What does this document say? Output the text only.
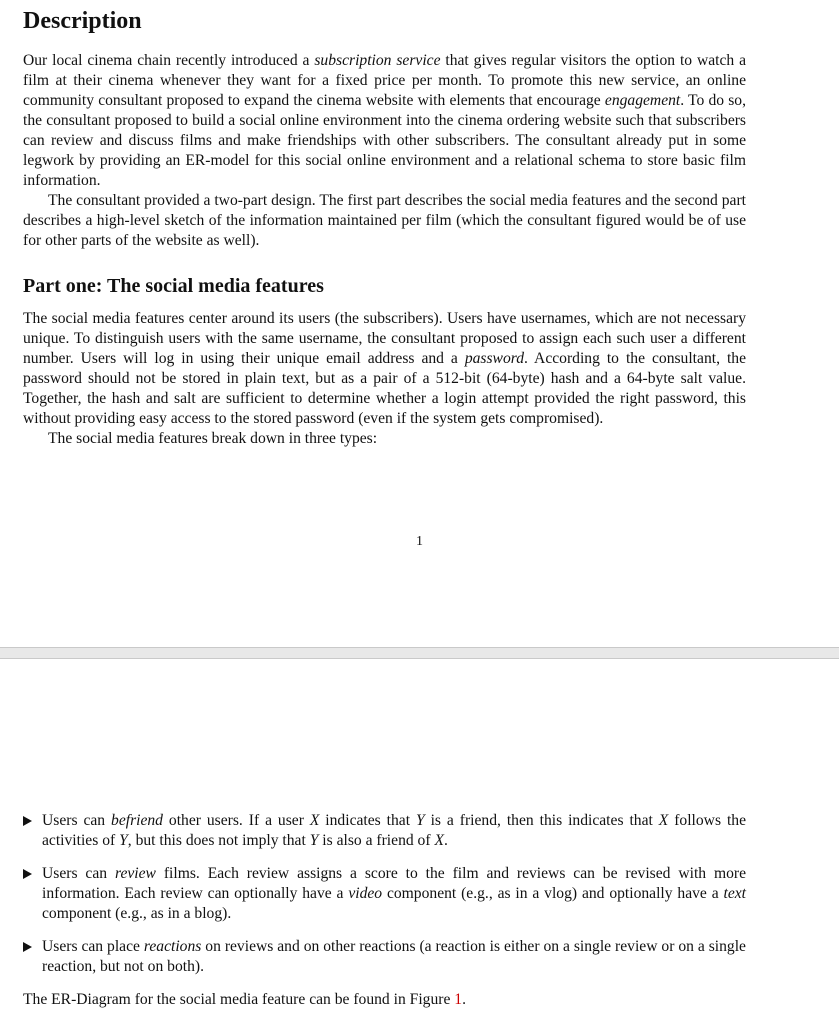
Description

Our local cinema chain recently introduced a subscription service that gives regular visitors the option to watch a film at their cinema whenever they want for a fixed price per month. To promote this new service, an online community consultant proposed to expand the cinema website with elements that encourage engagement. To do so, the consultant proposed to build a social online environment into the cinema ordering website such that subscribers can review and discuss films and make friendships with other subscribers. The consultant already put in some legwork by providing an ER-model for this social online environment and a relational schema to store basic film information.

The consultant provided a two-part design. The first part describes the social media features and the second part describes a high-level sketch of the information maintained per film (which the consultant figured would be of use for other parts of the website as well).

Part one: The social media features

The social media features center around its users (the subscribers). Users have usernames, which are not necessary unique. To distinguish users with the same username, the consultant proposed to assign each such user a different number. Users will log in using their unique email address and a password. According to the consultant, the password should not be stored in plain text, but as a pair of a 512-bit (64-byte) hash and a 64-byte salt value. Together, the hash and salt are sufficient to determine whether a login attempt provided the right password, this without providing easy access to the stored password (even if the system gets compromised).

The social media features break down in three types:

1
Users can befriend other users. If a user X indicates that Y is a friend, then this indicates that X follows the activities of Y, but this does not imply that Y is also a friend of X.
Users can review films. Each review assigns a score to the film and reviews can be revised with more information. Each review can optionally have a video component (e.g., as in a vlog) and optionally have a text component (e.g., as in a blog).
Users can place reactions on reviews and on other reactions (a reaction is either on a single review or on a single reaction, but not on both).

The ER-Diagram for the social media feature can be found in Figure 1.
